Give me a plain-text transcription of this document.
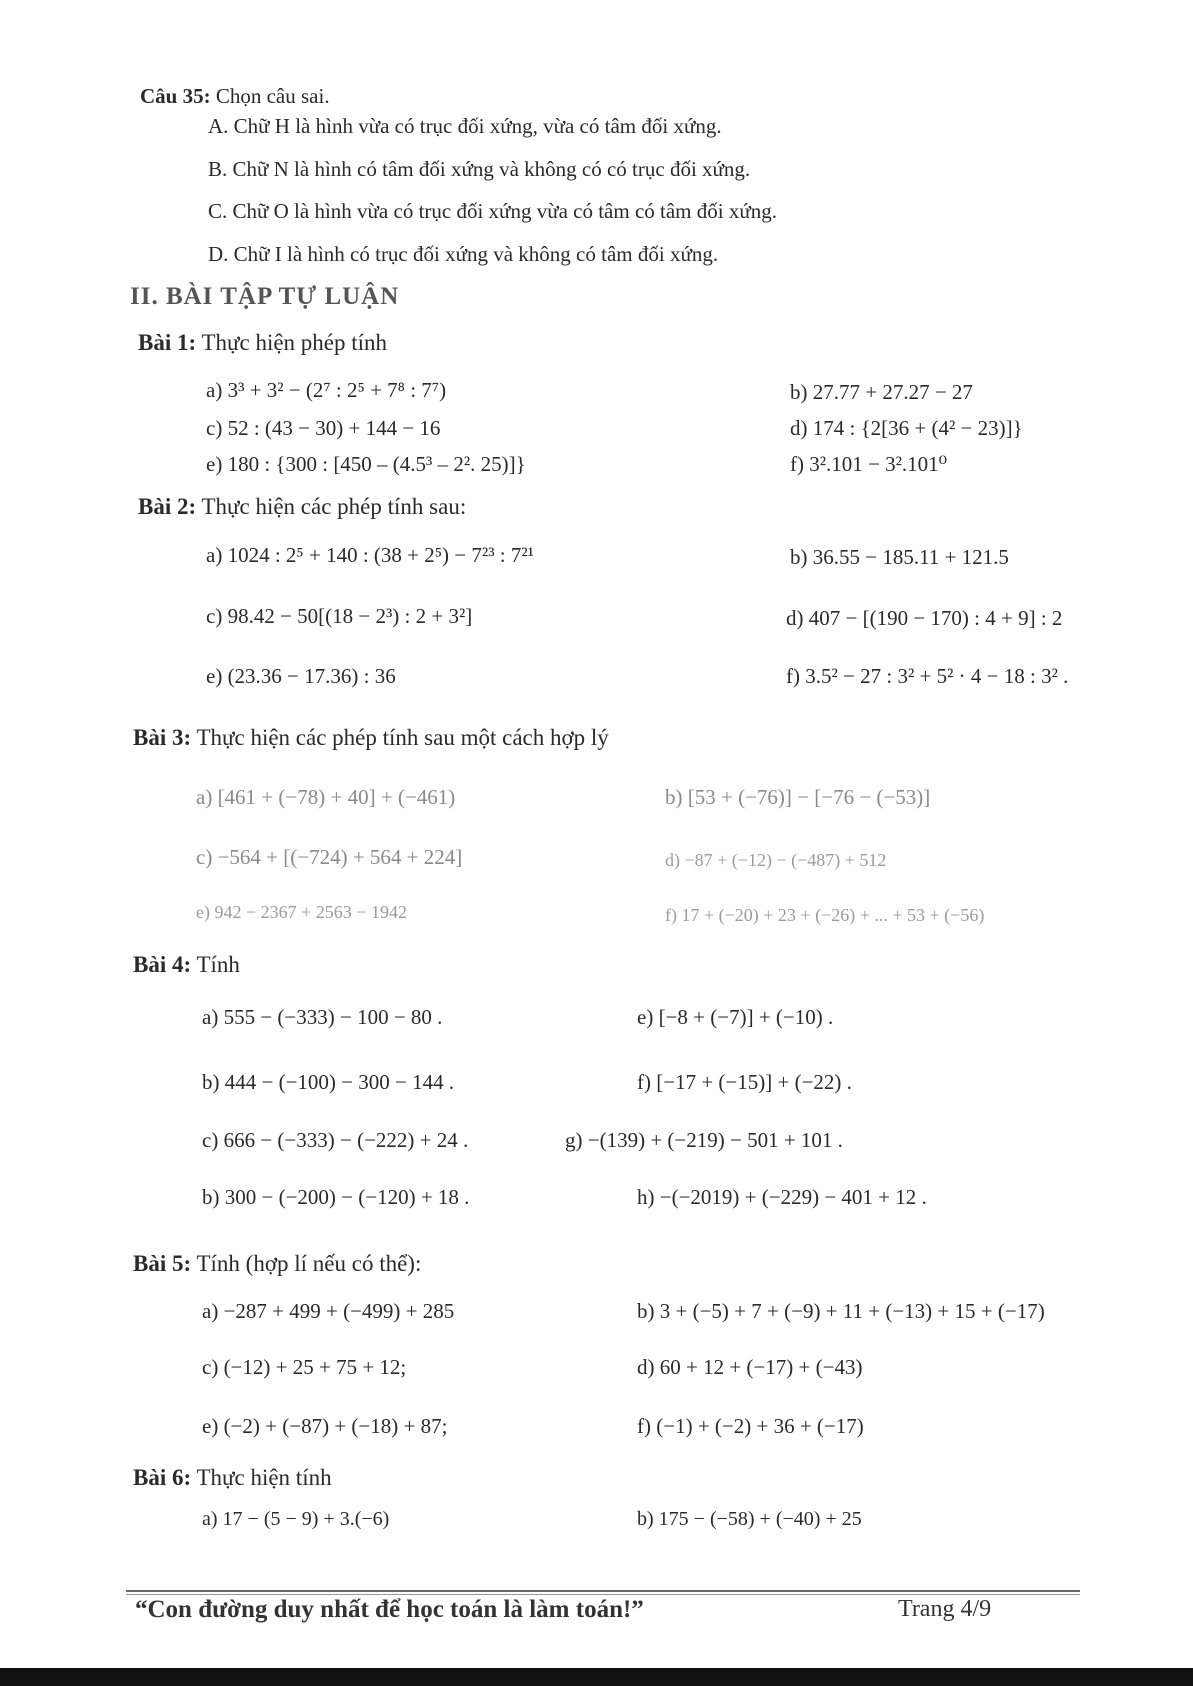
Câu 35: Chọn câu sai.
A. Chữ H là hình vừa có trục đối xứng, vừa có tâm đối xứng.
B. Chữ N là hình có tâm đối xứng và không có có trục đối xứng.
C. Chữ O là hình vừa có trục đối xứng vừa có tâm có tâm đối xứng.
D. Chữ I là hình có trục đối xứng và không có tâm đối xứng.
II. BÀI TẬP TỰ LUẬN
Bài 1: Thực hiện phép tính
a) 3³ + 3² − (2⁷ : 2⁵ + 7⁸ : 7⁷)	b) 27.77 + 27.27 − 27
c) 52 : (43 − 30) + 144 − 16	d) 174 : {2[36 + (4² − 23)]}
e) 180 : {300 : [450 – (4.5³ – 2². 25)]}	f) 3².101 − 3².101⁰
Bài 2: Thực hiện các phép tính sau:
a) 1024 : 2⁵ + 140 : (38 + 2⁵) − 7²³ : 7²¹	b) 36.55 − 185.11 + 121.5
c) 98.42 − 50[(18 − 2³) : 2 + 3²]	d) 407 − [(190 − 170) : 4 + 9] : 2
e) (23.36 − 17.36) : 36	f) 3.5² − 27 : 3² + 5² · 4 − 18 : 3² .
Bài 3: Thực hiện các phép tính sau một cách hợp lý
a) [461 + (−78) + 40] + (−461)	b) [53 + (−76)] − [−76 − (−53)]
c) −564 + [(−724) + 564 + 224]	d) −87 + (−12) − (−487) + 512
e) 942 − 2367 + 2563 − 1942	f) 17 + (−20) + 23 + (−26) + ... + 53 + (−56)
Bài 4: Tính
a) 555 − (−333) − 100 − 80 .	e) [−8 + (−7)] + (−10) .
b) 444 − (−100) − 300 − 144 .	f) [−17 + (−15)] + (−22) .
c) 666 − (−333) − (−222) + 24 .	g) −(139) + (−219) − 501 + 101 .
b) 300 − (−200) − (−120) + 18 .	h) −(−2019) + (−229) − 401 + 12 .
Bài 5: Tính (hợp lí nếu có thể):
a) −287 + 499 + (−499) + 285	b) 3 + (−5) + 7 + (−9) + 11 + (−13) + 15 + (−17)
c) (−12) + 25 + 75 + 12;	d) 60 + 12 + (−17) + (−43)
e) (−2) + (−87) + (−18) + 87;	f) (−1) + (−2) + 36 + (−17)
Bài 6: Thực hiện tính
a) 17 − (5 − 9) + 3.(−6)	b) 175 − (−58) + (−40) + 25
“Con đường duy nhất để học toán là làm toán!”	Trang 4/9
